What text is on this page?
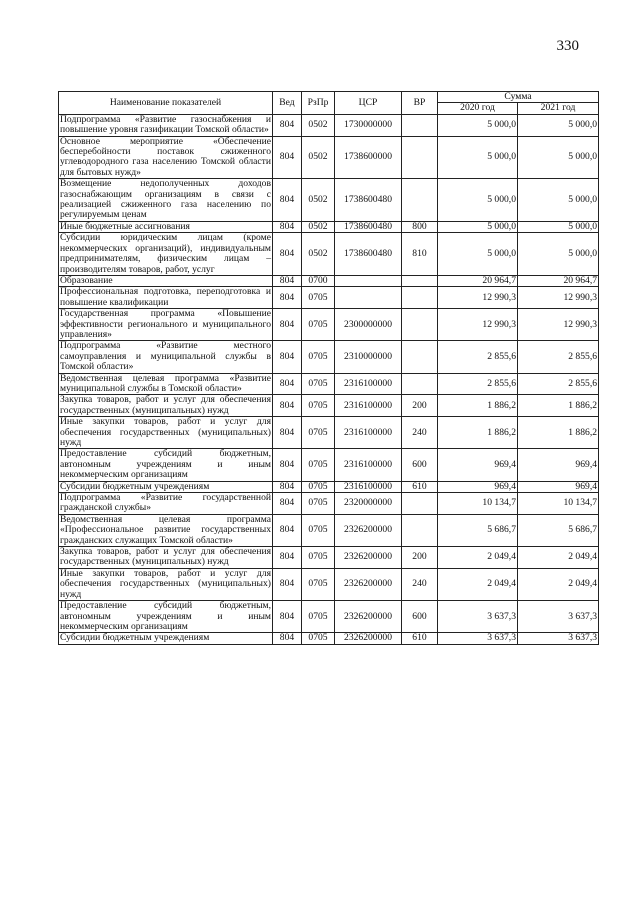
330
Наименование показателей	Вед	РзПр	ЦСР	ВР	Сумма	
					2020 год	2021 год
Подпрограмма «Развитие газоснабжения и повышение уровня газификации Томской области»	804	0502	1730000000		5 000,0	5 000,0
Основное мероприятие «Обеспечение бесперебойности поставок сжиженного углеводородного газа населению Томской области для бытовых нужд»	804	0502	1738600000		5 000,0	5 000,0
Возмещение недополученных доходов газоснабжающим организациям в связи с реализацией сжиженного газа населению по регулируемым ценам	804	0502	1738600480		5 000,0	5 000,0
Иные бюджетные ассигнования	804	0502	1738600480	800	5 000,0	5 000,0
Субсидии юридическим лицам (кроме некоммерческих организаций), индивидуальным предпринимателям, физическим лицам – производителям товаров, работ, услуг	804	0502	1738600480	810	5 000,0	5 000,0
Образование	804	0700			20 964,7	20 964,7
Профессиональная подготовка, переподготовка и повышение квалификации	804	0705			12 990,3	12 990,3
Государственная программа «Повышение эффективности регионального и муниципального управления»	804	0705	2300000000		12 990,3	12 990,3
Подпрограмма «Развитие местного самоуправления и муниципальной службы в Томской области»	804	0705	2310000000		2 855,6	2 855,6
Ведомственная целевая программа «Развитие муниципальной службы в Томской области»	804	0705	2316100000		2 855,6	2 855,6
Закупка товаров, работ и услуг для обеспечения государственных (муниципальных) нужд	804	0705	2316100000	200	1 886,2	1 886,2
Иные закупки товаров, работ и услуг для обеспечения государственных (муниципальных) нужд	804	0705	2316100000	240	1 886,2	1 886,2
Предоставление субсидий бюджетным, автономным учреждениям и иным некоммерческим организациям	804	0705	2316100000	600	969,4	969,4
Субсидии бюджетным учреждениям	804	0705	2316100000	610	969,4	969,4
Подпрограмма «Развитие государственной гражданской службы»	804	0705	2320000000		10 134,7	10 134,7
Ведомственная целевая программа «Профессиональное развитие государственных гражданских служащих Томской области»	804	0705	2326200000		5 686,7	5 686,7
Закупка товаров, работ и услуг для обеспечения государственных (муниципальных) нужд	804	0705	2326200000	200	2 049,4	2 049,4
Иные закупки товаров, работ и услуг для обеспечения государственных (муниципальных) нужд	804	0705	2326200000	240	2 049,4	2 049,4
Предоставление субсидий бюджетным, автономным учреждениям и иным некоммерческим организациям	804	0705	2326200000	600	3 637,3	3 637,3
Субсидии бюджетным учреждениям	804	0705	2326200000	610	3 637,3	3 637,3
